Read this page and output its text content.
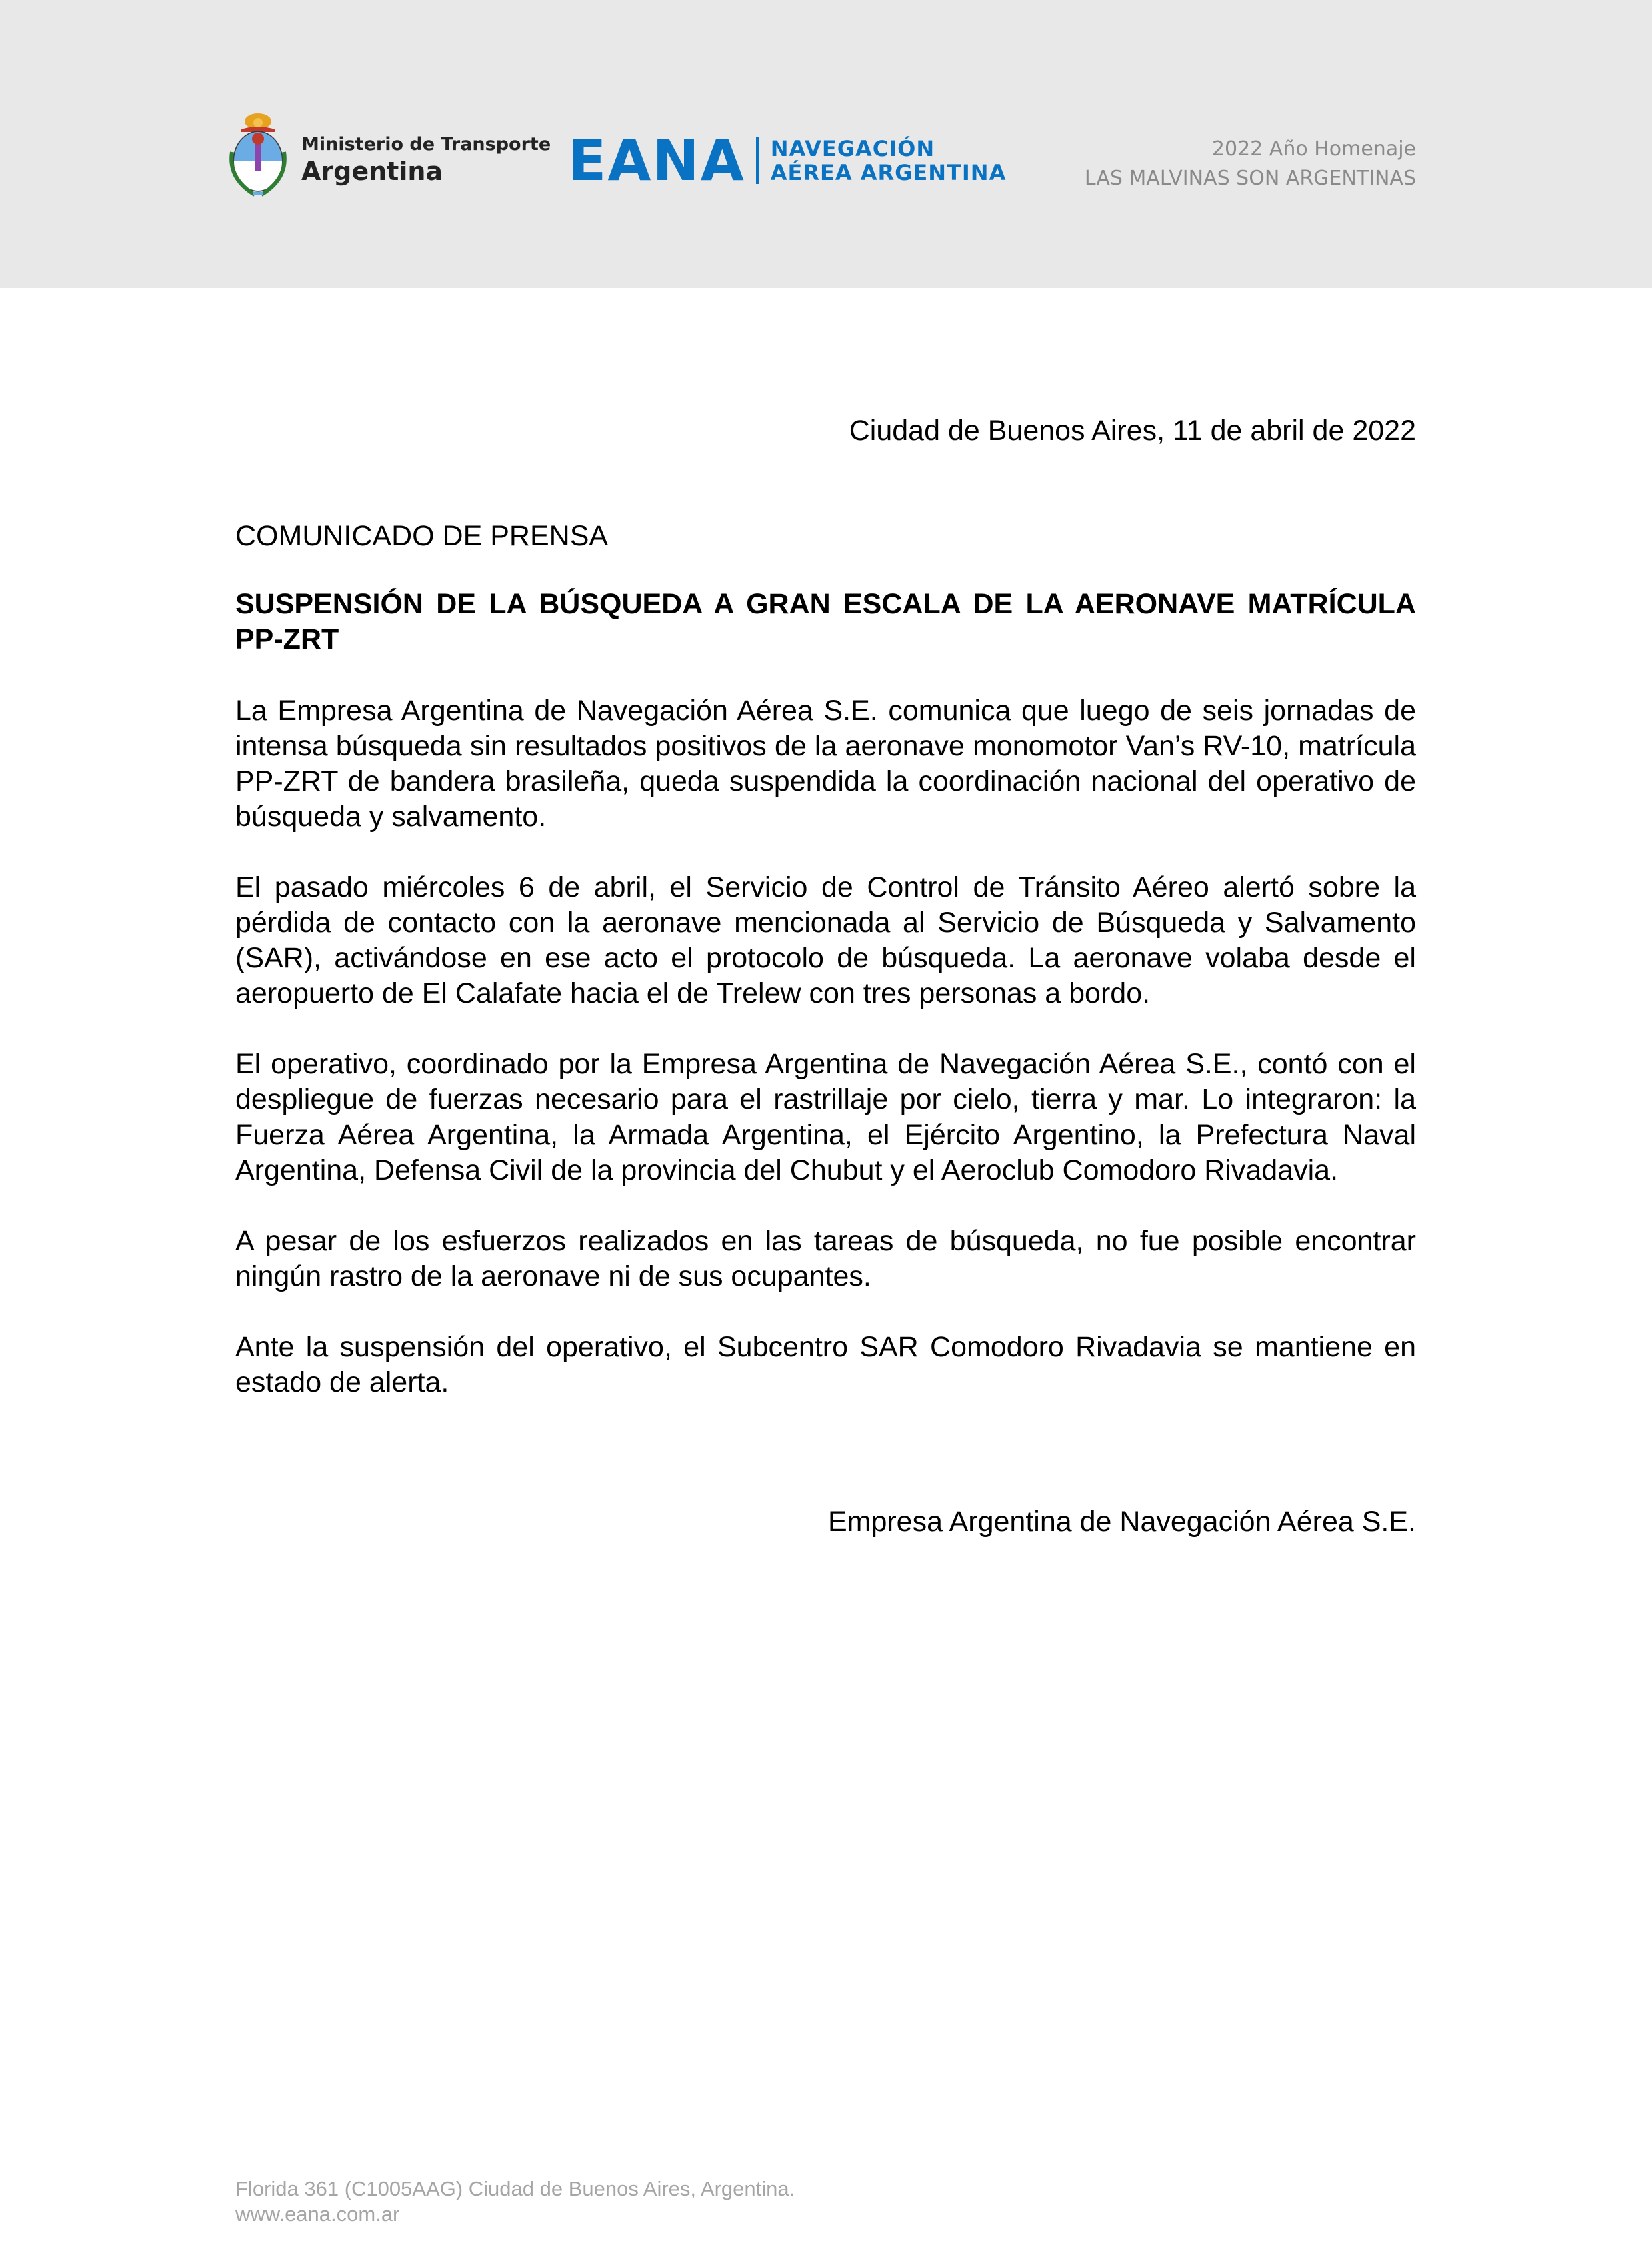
Ministerio de Transporte
Argentina	EANA NAVEGACIÓN
AÉREA ARGENTINA
2022 Año Homenaje
LAS MALVINAS SON ARGENTINAS
Ciudad de Buenos Aires, 11 de abril de 2022
COMUNICADO DE PRENSA
SUSPENSIÓN DE LA BÚSQUEDA A GRAN ESCALA DE LA AERONAVE MATRÍCULA PP-ZRT

La Empresa Argentina de Navegación Aérea S.E. comunica que luego de seis jornadas de intensa búsqueda sin resultados positivos de la aeronave monomotor Van’s RV-10, matrícula PP-ZRT de bandera brasileña, queda suspendida la coordinación nacional del operativo de búsqueda y salvamento.

El pasado miércoles 6 de abril, el Servicio de Control de Tránsito Aéreo alertó sobre la pérdida de contacto con la aeronave mencionada al Servicio de Búsqueda y Salvamento (SAR), activándose en ese acto el protocolo de búsqueda. La aeronave volaba desde el aeropuerto de El Calafate hacia el de Trelew con tres personas a bordo.

El operativo, coordinado por la Empresa Argentina de Navegación Aérea S.E., contó con el despliegue de fuerzas necesario para el rastrillaje por cielo, tierra y mar. Lo integraron: la Fuerza Aérea Argentina, la Armada Argentina, el Ejército Argentino, la Prefectura Naval Argentina, Defensa Civil de la provincia del Chubut y el Aeroclub Comodoro Rivadavia.

A pesar de los esfuerzos realizados en las tareas de búsqueda, no fue posible encontrar ningún rastro de la aeronave ni de sus ocupantes.

Ante la suspensión del operativo, el Subcentro SAR Comodoro Rivadavia se mantiene en estado de alerta.

Empresa Argentina de Navegación Aérea S.E.
Florida 361 (C1005AAG) Ciudad de Buenos Aires, Argentina.
www.eana.com.ar
